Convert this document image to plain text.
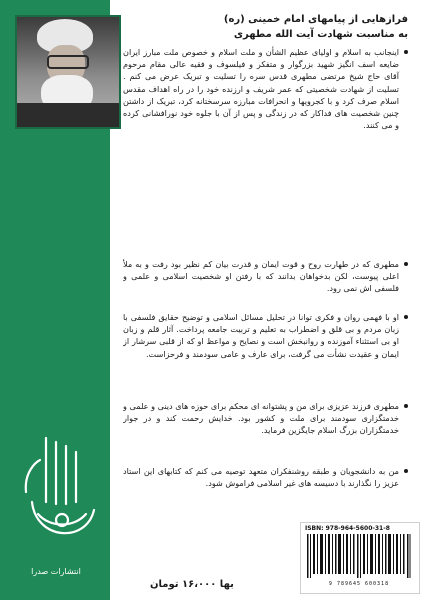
فرازهایی از پیامهای امام خمینی (ره)
به مناسبت شهادت آیت الله مطهری
اینجانب به اسلام و اولیای عظیم الشأن و ملت اسلام و خصوص ملت مبارز ایران ضایعه اسف انگیز شهید بزرگوار و متفکر و فیلسوف و فقیه عالی مقام مرحوم آقای حاج شیخ مرتضی مطهری قدس سره را تسلیت و تبریک عرض می کنم . تسلیت از شهادت شخصیتی که عمر شریف و ارزنده خود را در راه اهداف مقدس اسلام صرف کرد و با کجرویها و انحرافات مبارزه سرسختانه کرد، تبریک از داشتن چنین شخصیت های فداکار که در زندگی و پس از آن با جلوه خود نورافشانی کرده و می کنند.
مطهری که در طهارت روح و قوت ایمان و قدرت بیان کم نظیر بود رفت و به ملأ اعلی پیوست، لکن بدخواهان بدانند که با رفتن او شخصیت اسلامی و علمی و فلسفی اش نمی رود.
او با فهمی روان و فکری توانا در تحلیل مسائل اسلامی و توضیح حقایق فلسفی با زبان مردم و بی قلق و اضطراب به تعلیم و تربیت جامعه پرداخت. آثار قلم و زبان او بی استثناء آموزنده و روانبخش است و نصایح و مواعظ او که از قلبی سرشار از ایمان و عقیدت نشأت می گرفت، برای عارف و عامی سودمند و فرحزاست.
مطهری فرزند عزیزی برای من و پشتوانه ای محکم برای حوزه های دینی و علمی و خدمتگزاری سودمند برای ملت و کشور بود. خدایش رحمت کند و در جوار خدمتگزاران بزرگ اسلام جایگزین فرماید.
من به دانشجویان و طبقه روشنفکران متعهد توصیه می کنم که کتابهای این استاد عزیز را نگذارند با دسیسه های غیر اسلامی فراموش شود.
انتشارات صدرا
بها ۱۶،۰۰۰ تومان
ISBN: 978-964-5600-31-8
9 789645 600318
